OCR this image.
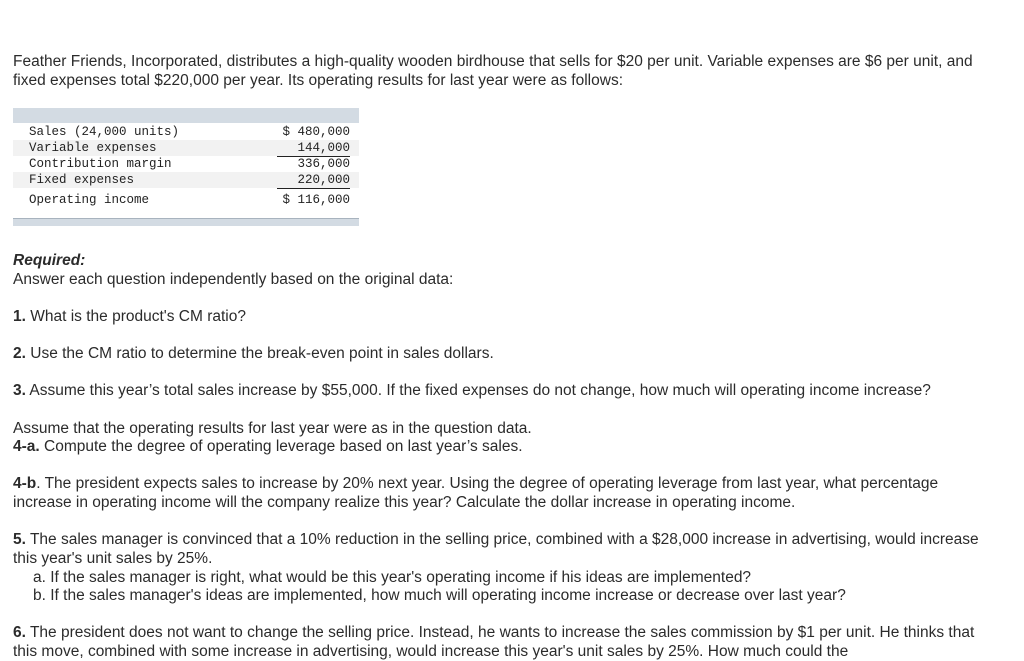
Feather Friends, Incorporated, distributes a high-quality wooden birdhouse that sells for $20 per unit. Variable expenses are $6 per unit, and fixed expenses total $220,000 per year. Its operating results for last year were as follows:
Sales (24,000 units)	$ 480,000
Variable expenses	144,000
Contribution margin	336,000
Fixed expenses	220,000
Operating income	$ 116,000
Required:
Answer each question independently based on the original data:
1. What is the product's CM ratio?
2. Use the CM ratio to determine the break-even point in sales dollars.
3. Assume this year’s total sales increase by $55,000. If the fixed expenses do not change, how much will operating income increase?
Assume that the operating results for last year were as in the question data.
4-a. Compute the degree of operating leverage based on last year’s sales.
4-b. The president expects sales to increase by 20% next year. Using the degree of operating leverage from last year, what percentage increase in operating income will the company realize this year? Calculate the dollar increase in operating income.
5. The sales manager is convinced that a 10% reduction in the selling price, combined with a $28,000 increase in advertising, would increase this year's unit sales by 25%.
a. If the sales manager is right, what would be this year's operating income if his ideas are implemented?
b. If the sales manager's ideas are implemented, how much will operating income increase or decrease over last year?
6. The president does not want to change the selling price. Instead, he wants to increase the sales commission by $1 per unit. He thinks that this move, combined with some increase in advertising, would increase this year's unit sales by 25%. How much could the
